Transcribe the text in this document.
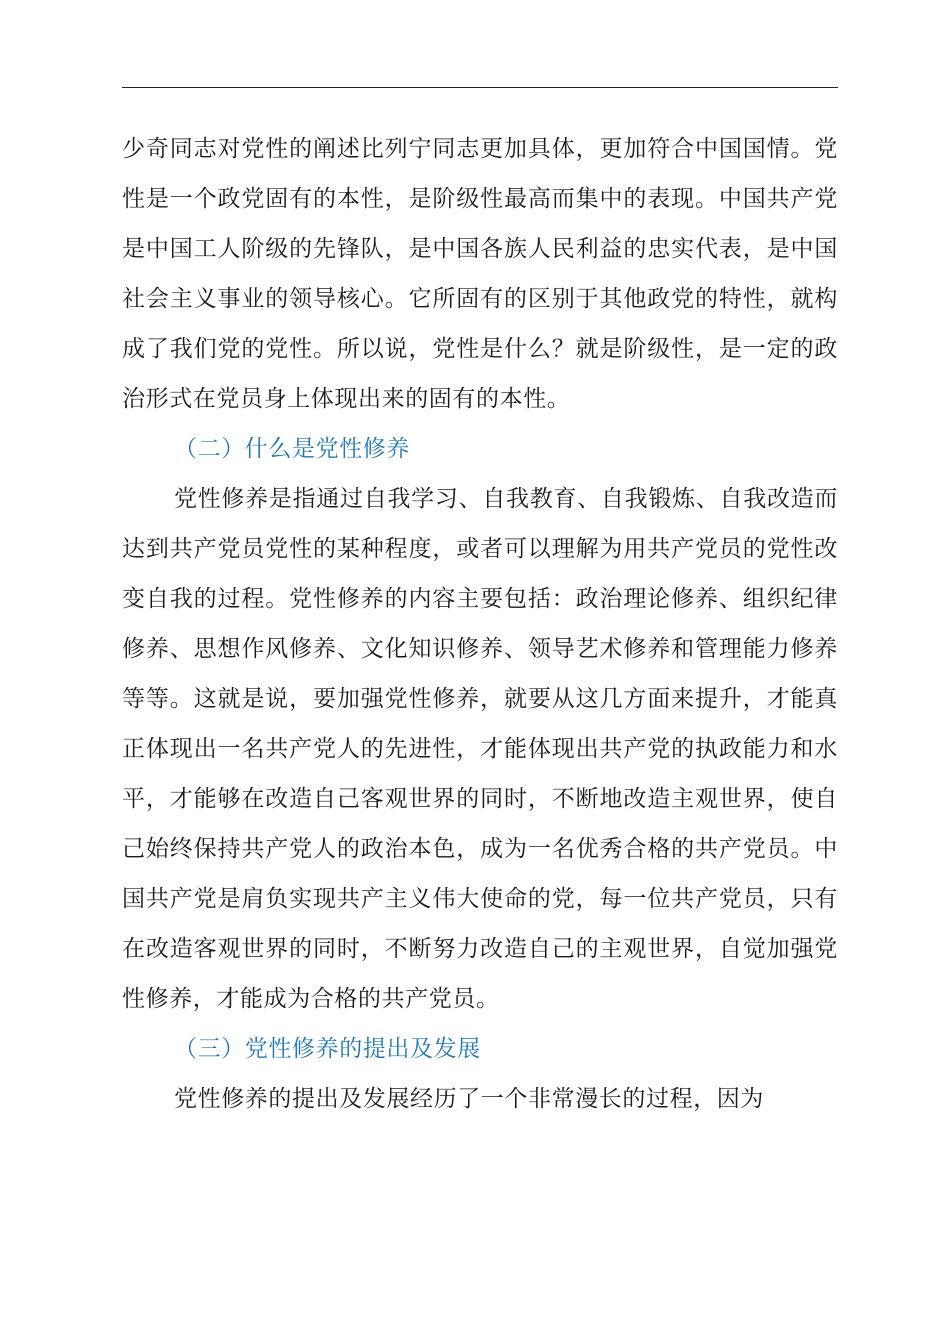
少奇同志对党性的阐述比列宁同志更加具体，更加符合中国国情。党性是一个政党固有的本性，是阶级性最高而集中的表现。中国共产党是中国工人阶级的先锋队，是中国各族人民利益的忠实代表，是中国社会主义事业的领导核心。它所固有的区别于其他政党的特性，就构成了我们党的党性。所以说，党性是什么？就是阶级性，是一定的政治形式在党员身上体现出来的固有的本性。

（二）什么是党性修养

党性修养是指通过自我学习、自我教育、自我锻炼、自我改造而达到共产党员党性的某种程度，或者可以理解为用共产党员的党性改变自我的过程。党性修养的内容主要包括：政治理论修养、组织纪律修养、思想作风修养、文化知识修养、领导艺术修养和管理能力修养等等。这就是说，要加强党性修养，就要从这几方面来提升，才能真正体现出一名共产党人的先进性，才能体现出共产党的执政能力和水平，才能够在改造自己客观世界的同时，不断地改造主观世界，使自己始终保持共产党人的政治本色，成为一名优秀合格的共产党员。中国共产党是肩负实现共产主义伟大使命的党，每一位共产党员，只有在改造客观世界的同时，不断努力改造自己的主观世界，自觉加强党性修养，才能成为合格的共产党员。

（三）党性修养的提出及发展

党性修养的提出及发展经历了一个非常漫长的过程，因为
